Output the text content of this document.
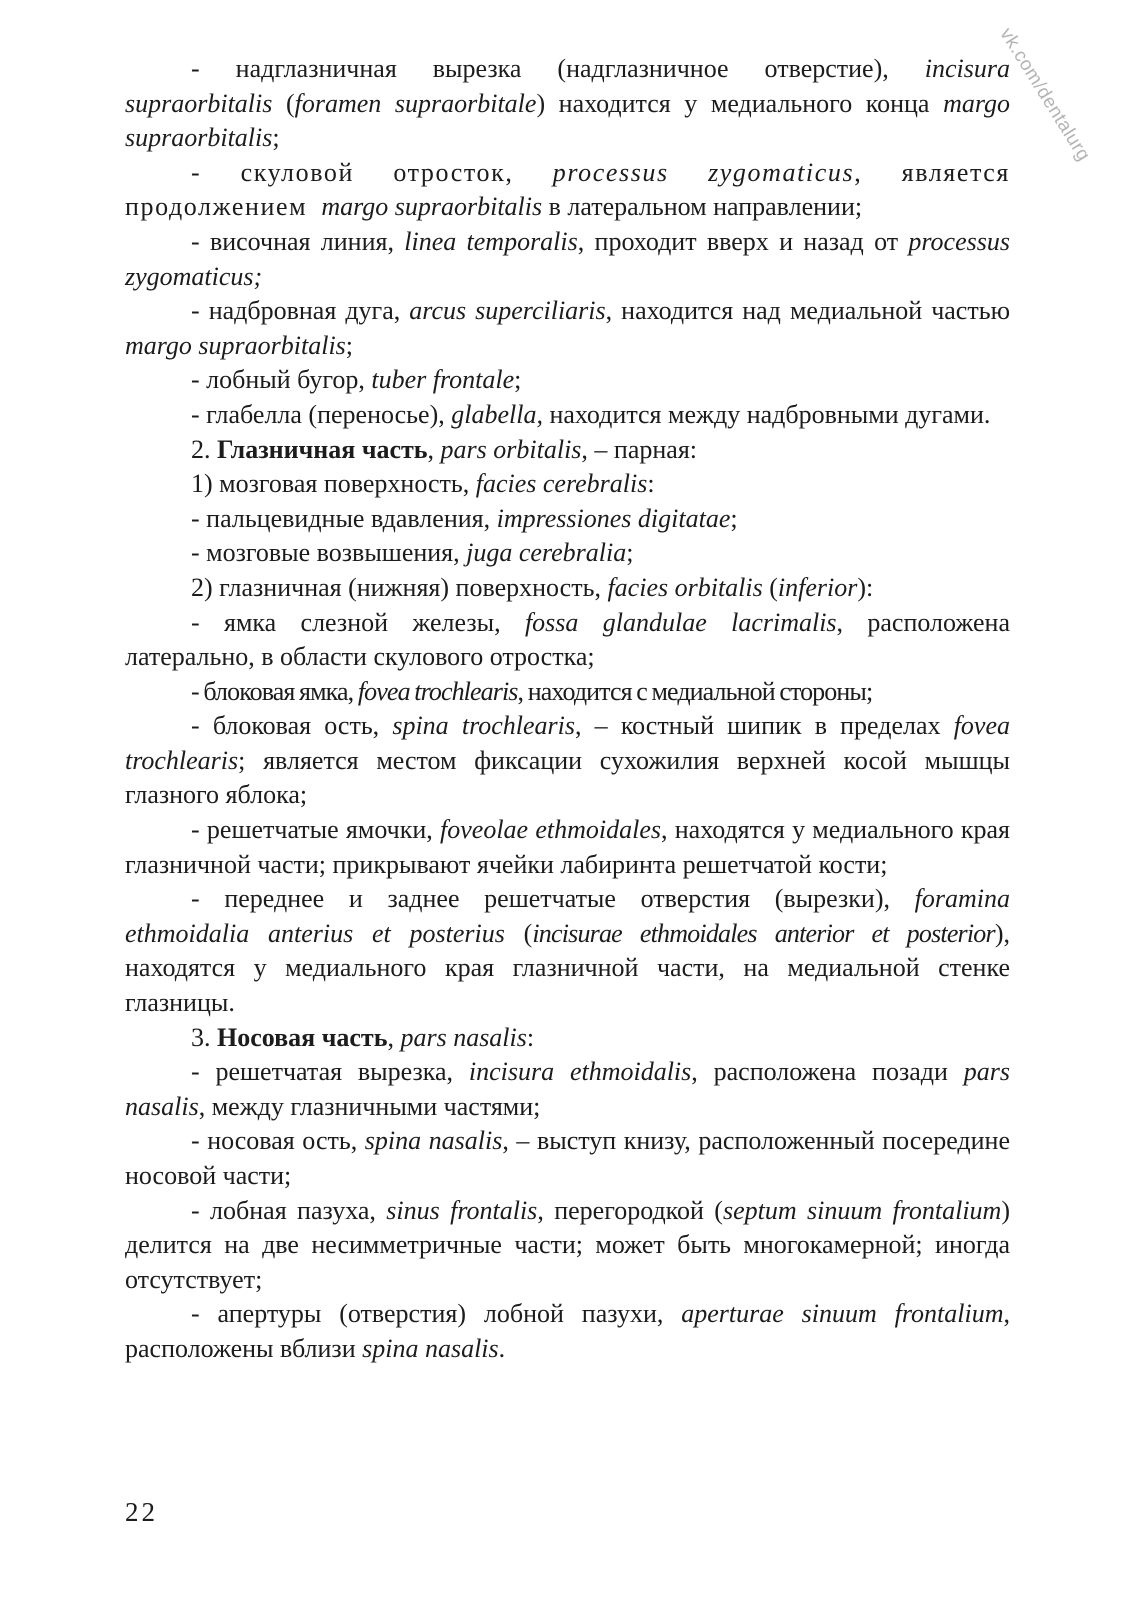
vk.com/dentalurg

- надглазничная вырезка (надглазничное отверстие), incisura supraorbitalis (foramen supraorbitale) находится у медиального конца margo supraorbitalis;

- скуловой отросток, processus zygomaticus, является продолжением margo supraorbitalis в латеральном направлении;

- височная линия, linea temporalis, проходит вверх и назад от processus zygomaticus;

- надбровная дуга, arcus superciliaris, находится над медиальной частью margo supraorbitalis;

- лобный бугор, tuber frontale;

- глабелла (переносье), glabella, находится между надбровными дугами.

2. Глазничная часть, pars orbitalis, – парная:

1) мозговая поверхность, facies cerebralis:

- пальцевидные вдавления, impressiones digitatae;

- мозговые возвышения, juga cerebralia;

2) глазничная (нижняя) поверхность, facies orbitalis (inferior):

- ямка слезной железы, fossa glandulae lacrimalis, расположена латерально, в области скулового отростка;

- блоковая ямка, fovea trochlearis, находится с медиальной стороны;

- блоковая ость, spina trochlearis, – костный шипик в пределах fovea trochlearis; является местом фиксации сухожилия верхней косой мышцы глазного яблока;

- решетчатые ямочки, foveolae ethmoidales, находятся у медиального края глазничной части; прикрывают ячейки лабиринта решетчатой кости;

- переднее и заднее решетчатые отверстия (вырезки), foramina ethmoidalia anterius et posterius (incisurae ethmoidales anterior et posterior), находятся у медиального края глазничной части, на медиальной стенке глазницы.

3. Носовая часть, pars nasalis:

- решетчатая вырезка, incisura ethmoidalis, расположена позади pars nasalis, между глазничными частями;

- носовая ость, spina nasalis, – выступ книзу, расположенный посередине носовой части;

- лобная пазуха, sinus frontalis, перегородкой (septum sinuum frontalium) делится на две несимметричные части; может быть многокамерной; иногда отсутствует;

- апертуры (отверстия) лобной пазухи, aperturae sinuum frontalium, расположены вблизи spina nasalis.

22
